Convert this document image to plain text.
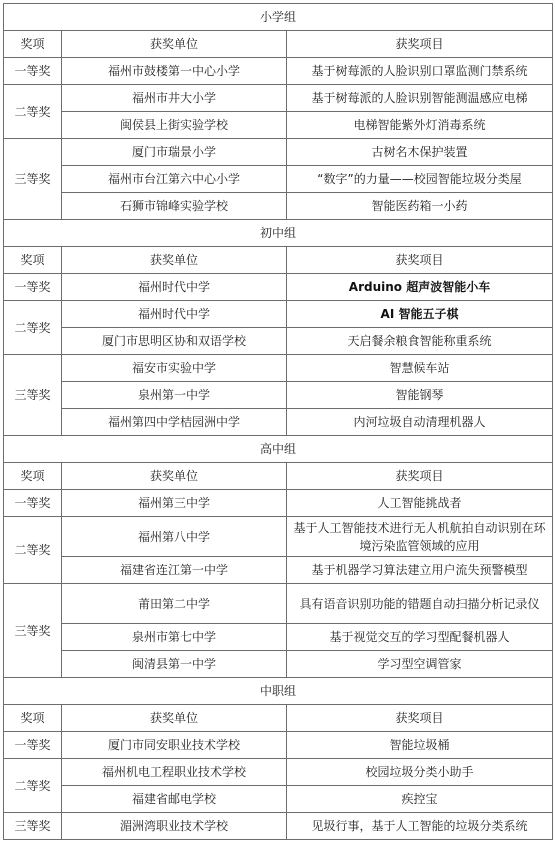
小学组		
奖项	获奖单位	获奖项目
一等奖	福州市鼓楼第一中心小学	基于树莓派的人脸识别口罩监测门禁系统
二等奖	福州市井大小学	基于树莓派的人脸识别智能测温感应电梯
	闽侯县上街实验学校	电梯智能紫外灯消毒系统
三等奖	厦门市瑞景小学	古树名木保护装置
	福州市台江第六中心小学	“数字”的力量——校园智能垃圾分类屋
	石狮市锦峰实验学校	智能医药箱一小药
初中组		
奖项	获奖单位	获奖项目
一等奖	福州时代中学	Arduino 超声波智能小车
二等奖	福州时代中学	AI 智能五子棋
	厦门市思明区协和双语学校	天启餐余粮食智能称重系统
三等奖	福安市实验中学	智慧候车站
	泉州第一中学	智能钢琴
	福州第四中学桔园洲中学	内河垃圾自动清理机器人
高中组		
奖项	获奖单位	获奖项目
一等奖	福州第三中学	人工智能挑战者
二等奖	福州第八中学	基于人工智能技术进行无人机航拍自动识别在环境污染监管领域的应用
	福建省连江第一中学	基于机器学习算法建立用户流失预警模型
三等奖	莆田第二中学	具有语音识别功能的错题自动扫描分析记录仪
	泉州市第七中学	基于视觉交互的学习型配餐机器人
	闽清县第一中学	学习型空调管家
中职组		
奖项	获奖单位	获奖项目
一等奖	厦门市同安职业技术学校	智能垃圾桶
二等奖	福州机电工程职业技术学校	校园垃圾分类小助手
	福建省邮电学校	疾控宝
三等奖	湄洲湾职业技术学校	见圾行事，基于人工智能的垃圾分类系统
